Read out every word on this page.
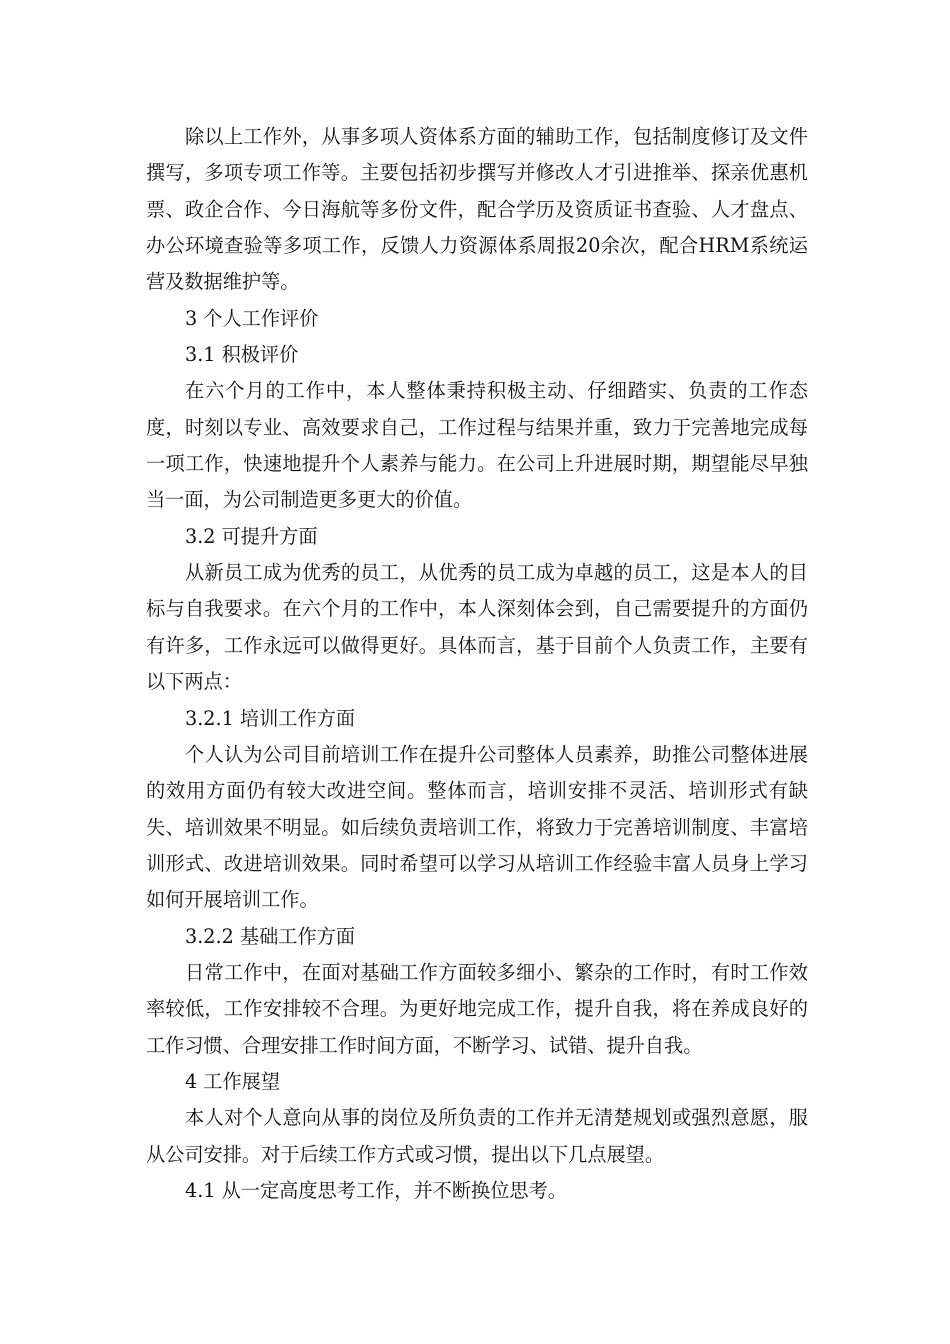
除以上工作外，从事多项人资体系方面的辅助工作，包括制度修订及文件撰写，多项专项工作等。主要包括初步撰写并修改人才引进推举、探亲优惠机票、政企合作、今日海航等多份文件，配合学历及资质证书查验、人才盘点、办公环境查验等多项工作，反馈人力资源体系周报20余次，配合HRM系统运营及数据维护等。

3 个人工作评价

3.1 积极评价

在六个月的工作中，本人整体秉持积极主动、仔细踏实、负责的工作态度，时刻以专业、高效要求自己，工作过程与结果并重，致力于完善地完成每一项工作，快速地提升个人素养与能力。在公司上升进展时期，期望能尽早独当一面，为公司制造更多更大的价值。

3.2 可提升方面

从新员工成为优秀的员工，从优秀的员工成为卓越的员工，这是本人的目标与自我要求。在六个月的工作中，本人深刻体会到，自己需要提升的方面仍有许多，工作永远可以做得更好。具体而言，基于目前个人负责工作，主要有以下两点：

3.2.1 培训工作方面

个人认为公司目前培训工作在提升公司整体人员素养，助推公司整体进展的效用方面仍有较大改进空间。整体而言，培训安排不灵活、培训形式有缺失、培训效果不明显。如后续负责培训工作，将致力于完善培训制度、丰富培训形式、改进培训效果。同时希望可以学习从培训工作经验丰富人员身上学习如何开展培训工作。

3.2.2 基础工作方面

日常工作中，在面对基础工作方面较多细小、繁杂的工作时，有时工作效率较低，工作安排较不合理。为更好地完成工作，提升自我，将在养成良好的工作习惯、合理安排工作时间方面，不断学习、试错、提升自我。

4 工作展望

本人对个人意向从事的岗位及所负责的工作并无清楚规划或强烈意愿，服从公司安排。对于后续工作方式或习惯，提出以下几点展望。

4.1 从一定高度思考工作，并不断换位思考。
